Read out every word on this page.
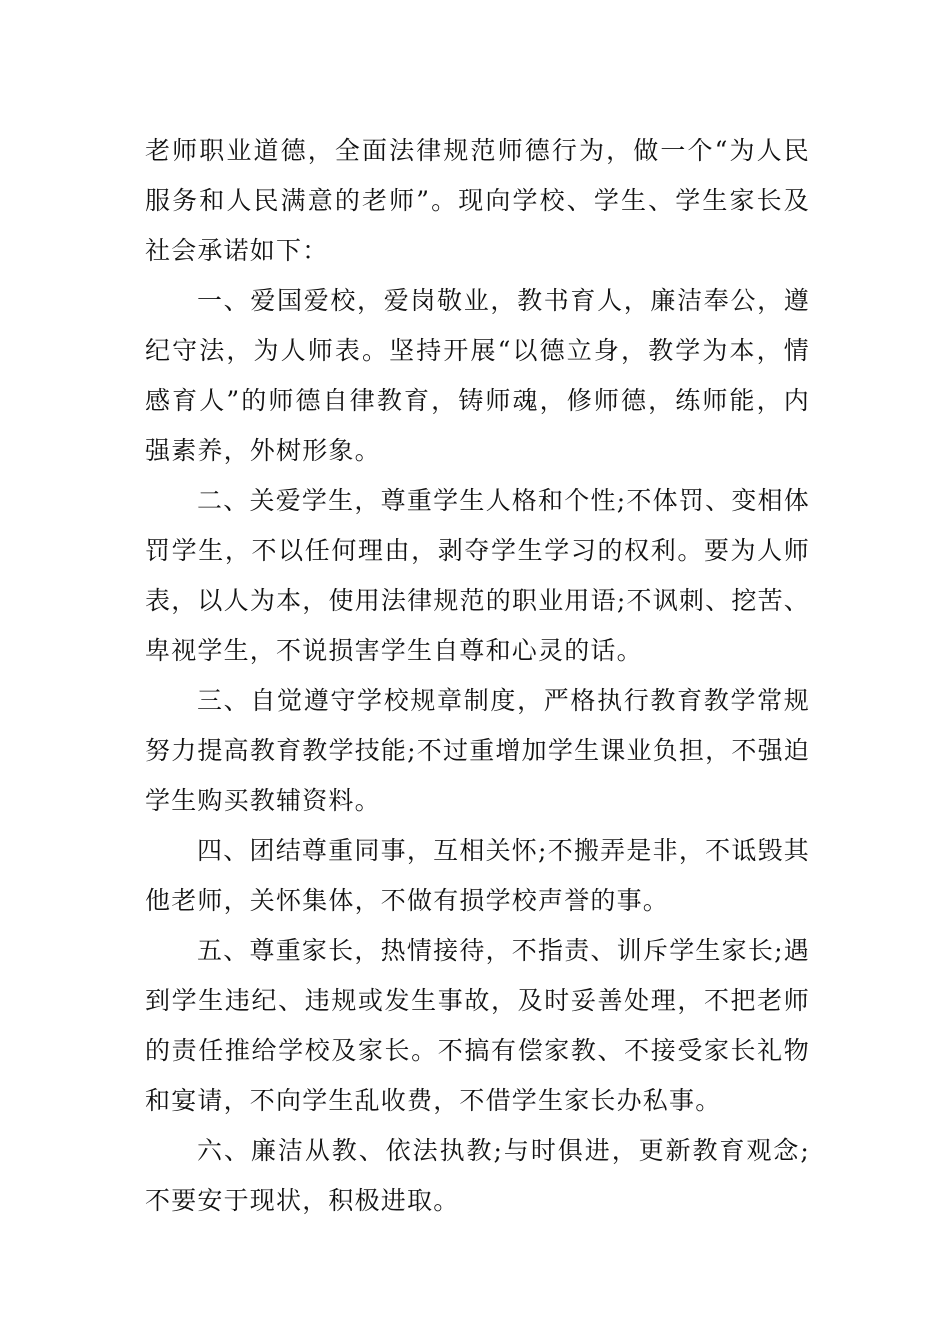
老师职业道德，全面法律规范师德行为，做一个“为人民服务和人民满意的老师”。现向学校、学生、学生家长及社会承诺如下：

一、爱国爱校，爱岗敬业，教书育人，廉洁奉公，遵纪守法，为人师表。坚持开展“以德立身，教学为本，情感育人”的师德自律教育，铸师魂，修师德，练师能，内强素养，外树形象。

二、关爱学生，尊重学生人格和个性;不体罚、变相体罚学生，不以任何理由，剥夺学生学习的权利。要为人师表，以人为本，使用法律规范的职业用语;不讽刺、挖苦、卑视学生，不说损害学生自尊和心灵的话。

三、自觉遵守学校规章制度，严格执行教育教学常规努力提高教育教学技能;不过重增加学生课业负担，不强迫学生购买教辅资料。

四、团结尊重同事，互相关怀;不搬弄是非，不诋毁其他老师，关怀集体，不做有损学校声誉的事。

五、尊重家长，热情接待，不指责、训斥学生家长;遇到学生违纪、违规或发生事故，及时妥善处理，不把老师的责任推给学校及家长。不搞有偿家教、不接受家长礼物和宴请，不向学生乱收费，不借学生家长办私事。

六、廉洁从教、依法执教;与时俱进，更新教育观念;不要安于现状，积极进取。
